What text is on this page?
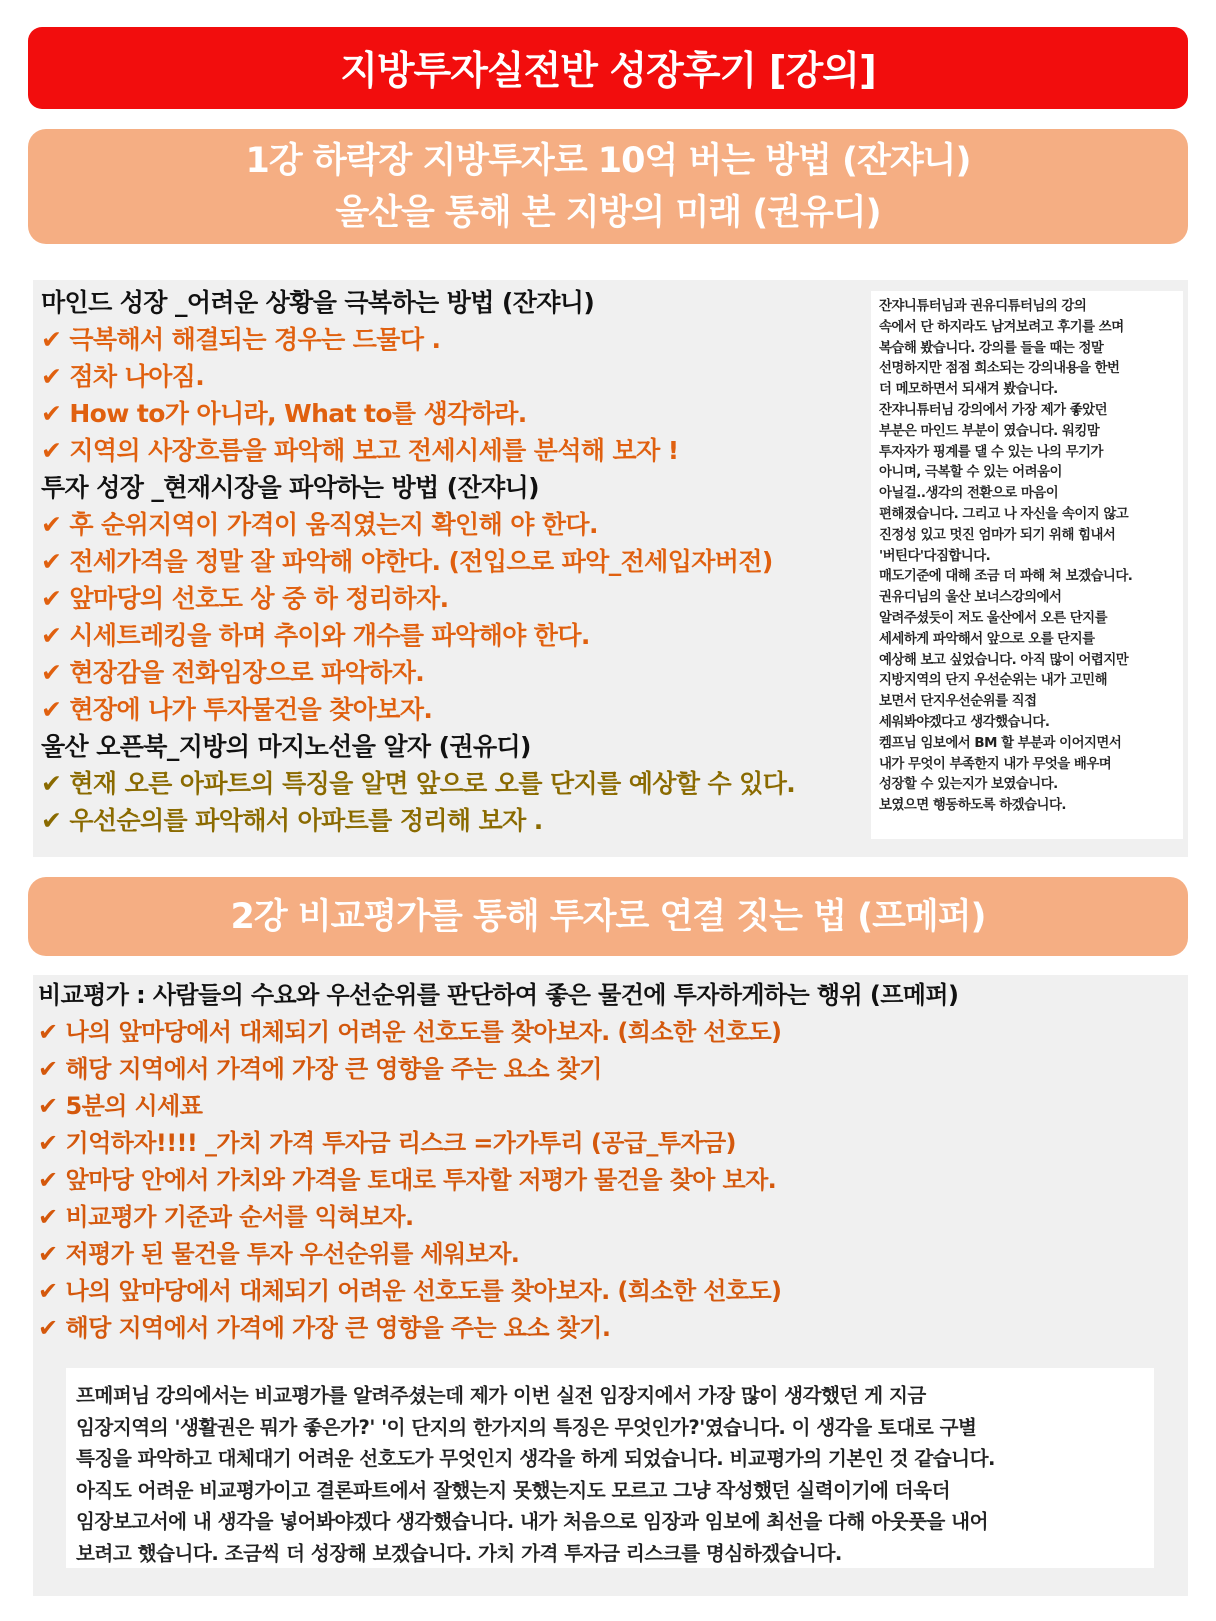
지방투자실전반 성장후기 [강의]
1강 하락장 지방투자로 10억 버는 방법 (잔쟈니)
울산을 통해 본 지방의 미래 (권유디)
마인드 성장 _어려운 상황을 극복하는 방법 (잔쟈니)
✔ 극복해서 해결되는 경우는 드물다 .
✔ 점차 나아짐.
✔ How to가 아니라, What to를 생각하라.
✔ 지역의 사장흐름을 파악해 보고 전세시세를 분석해 보자 !
투자 성장 _현재시장을 파악하는 방법 (잔쟈니)
✔ 후 순위지역이 가격이 움직였는지 확인해 야 한다.
✔ 전세가격을 정말 잘 파악해 야한다. (전입으로 파악_전세입자버전)
✔ 앞마당의 선호도 상 중 하 정리하자.
✔ 시세트레킹을 하며 추이와 개수를 파악해야 한다.
✔ 현장감을 전화임장으로 파악하자.
✔ 현장에 나가 투자물건을 찾아보자.
울산 오픈북_지방의 마지노선을 알자 (권유디)
✔ 현재 오른 아파트의 특징을 알면 앞으로 오를 단지를 예상할 수 있다.
✔ 우선순의를 파악해서 아파트를 정리해 보자 .
잔쟈니튜터님과 권유디튜터님의 강의
속에서 단 하지라도 남겨보려고 후기를 쓰며
복습해 봤습니다. 강의를 들을 때는 정말
선명하지만 점점 희소되는 강의내용을 한번
더 메모하면서 되새겨 봤습니다.
잔쟈니튜터님 강의에서 가장 제가 좋았던
부분은 마인드 부분이 였습니다. 워킹맘
투자자가 핑계를 댈 수 있는 나의 무기가
아니며, 극복할 수 있는 어려움이
아닐걸..생각의 전환으로 마음이
편해졌습니다. 그리고 나 자신을 속이지 않고
진정성 있고 멋진 엄마가 되기 위해 힘내서
'버틴다'다짐합니다.
매도기준에 대해 조금 더 파해 쳐 보겠습니다.
권유디님의 울산 보너스강의에서
알려주셨듯이 저도 울산에서 오른 단지를
세세하게 파악해서 앞으로 오를 단지를
예상해 보고 싶었습니다. 아직 많이 어렵지만
지방지역의 단지 우선순위는 내가 고민해
보면서 단지우선순위를 직접
세워봐야겠다고 생각했습니다.
켐프님 임보에서 BM 할 부분과 이어지면서
내가 무엇이 부족한지 내가 무엇을 배우며
성장할 수 있는지가 보였습니다.
보였으면 행동하도록 하겠습니다.
2강 비교평가를 통해 투자로 연결 짓는 법 (프메퍼)
비교평가 : 사람들의 수요와 우선순위를 판단하여 좋은 물건에 투자하게하는 행위 (프메퍼)
✔ 나의 앞마당에서 대체되기 어려운 선호도를 찾아보자. (희소한 선호도)
✔ 해당 지역에서 가격에 가장 큰 영향을 주는 요소 찾기
✔ 5분의 시세표
✔ 기억하자!!!! _가치 가격 투자금 리스크 =가가투리 (공급_투자금)
✔ 앞마당 안에서 가치와 가격을 토대로 투자할 저평가 물건을 찾아 보자.
✔ 비교평가 기준과 순서를 익혀보자.
✔ 저평가 된 물건을 투자 우선순위를 세워보자.
✔ 나의 앞마당에서 대체되기 어려운 선호도를 찾아보자. (희소한 선호도)
✔ 해당 지역에서 가격에 가장 큰 영향을 주는 요소 찾기.
프메퍼님 강의에서는 비교평가를 알려주셨는데 제가 이번 실전 임장지에서 가장 많이 생각했던 게 지금
임장지역의 '생활권은 뭐가 좋은가?' '이 단지의 한가지의 특징은 무엇인가?'였습니다. 이 생각을 토대로 구별
특징을 파악하고 대체대기 어려운 선호도가 무엇인지 생각을 하게 되었습니다. 비교평가의 기본인 것 같습니다.
아직도 어려운 비교평가이고 결론파트에서 잘했는지 못했는지도 모르고 그냥 작성했던 실력이기에 더욱더
임장보고서에 내 생각을 넣어봐야겠다 생각했습니다. 내가 처음으로 임장과 임보에 최선을 다해 아웃풋을 내어
보려고 했습니다. 조금씩 더 성장해 보겠습니다. 가치 가격 투자금 리스크를 명심하겠습니다.
